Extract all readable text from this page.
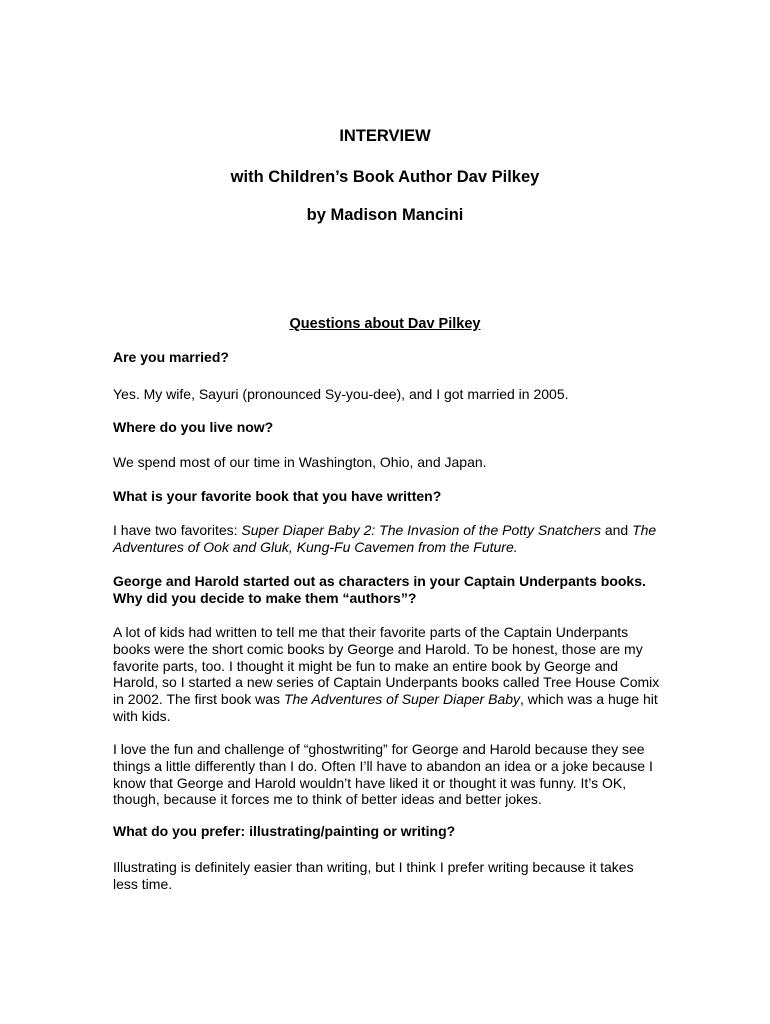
INTERVIEW
with Children’s Book Author Dav Pilkey
by Madison Mancini
Questions about Dav Pilkey

Are you married?

Yes. My wife, Sayuri (pronounced Sy-you-dee), and I got married in 2005.

Where do you live now?

We spend most of our time in Washington, Ohio, and Japan.

What is your favorite book that you have written?

I have two favorites: Super Diaper Baby 2: The Invasion of the Potty Snatchers and The Adventures of Ook and Gluk, Kung-Fu Cavemen from the Future.

George and Harold started out as characters in your Captain Underpants books. Why did you decide to make them “authors”?

A lot of kids had written to tell me that their favorite parts of the Captain Underpants books were the short comic books by George and Harold. To be honest, those are my favorite parts, too. I thought it might be fun to make an entire book by George and Harold, so I started a new series of Captain Underpants books called Tree House Comix in 2002. The first book was The Adventures of Super Diaper Baby, which was a huge hit with kids.

I love the fun and challenge of “ghostwriting” for George and Harold because they see things a little differently than I do. Often I’ll have to abandon an idea or a joke because I know that George and Harold wouldn’t have liked it or thought it was funny. It’s OK, though, because it forces me to think of better ideas and better jokes.

What do you prefer: illustrating/painting or writing?

Illustrating is definitely easier than writing, but I think I prefer writing because it takes less time.
